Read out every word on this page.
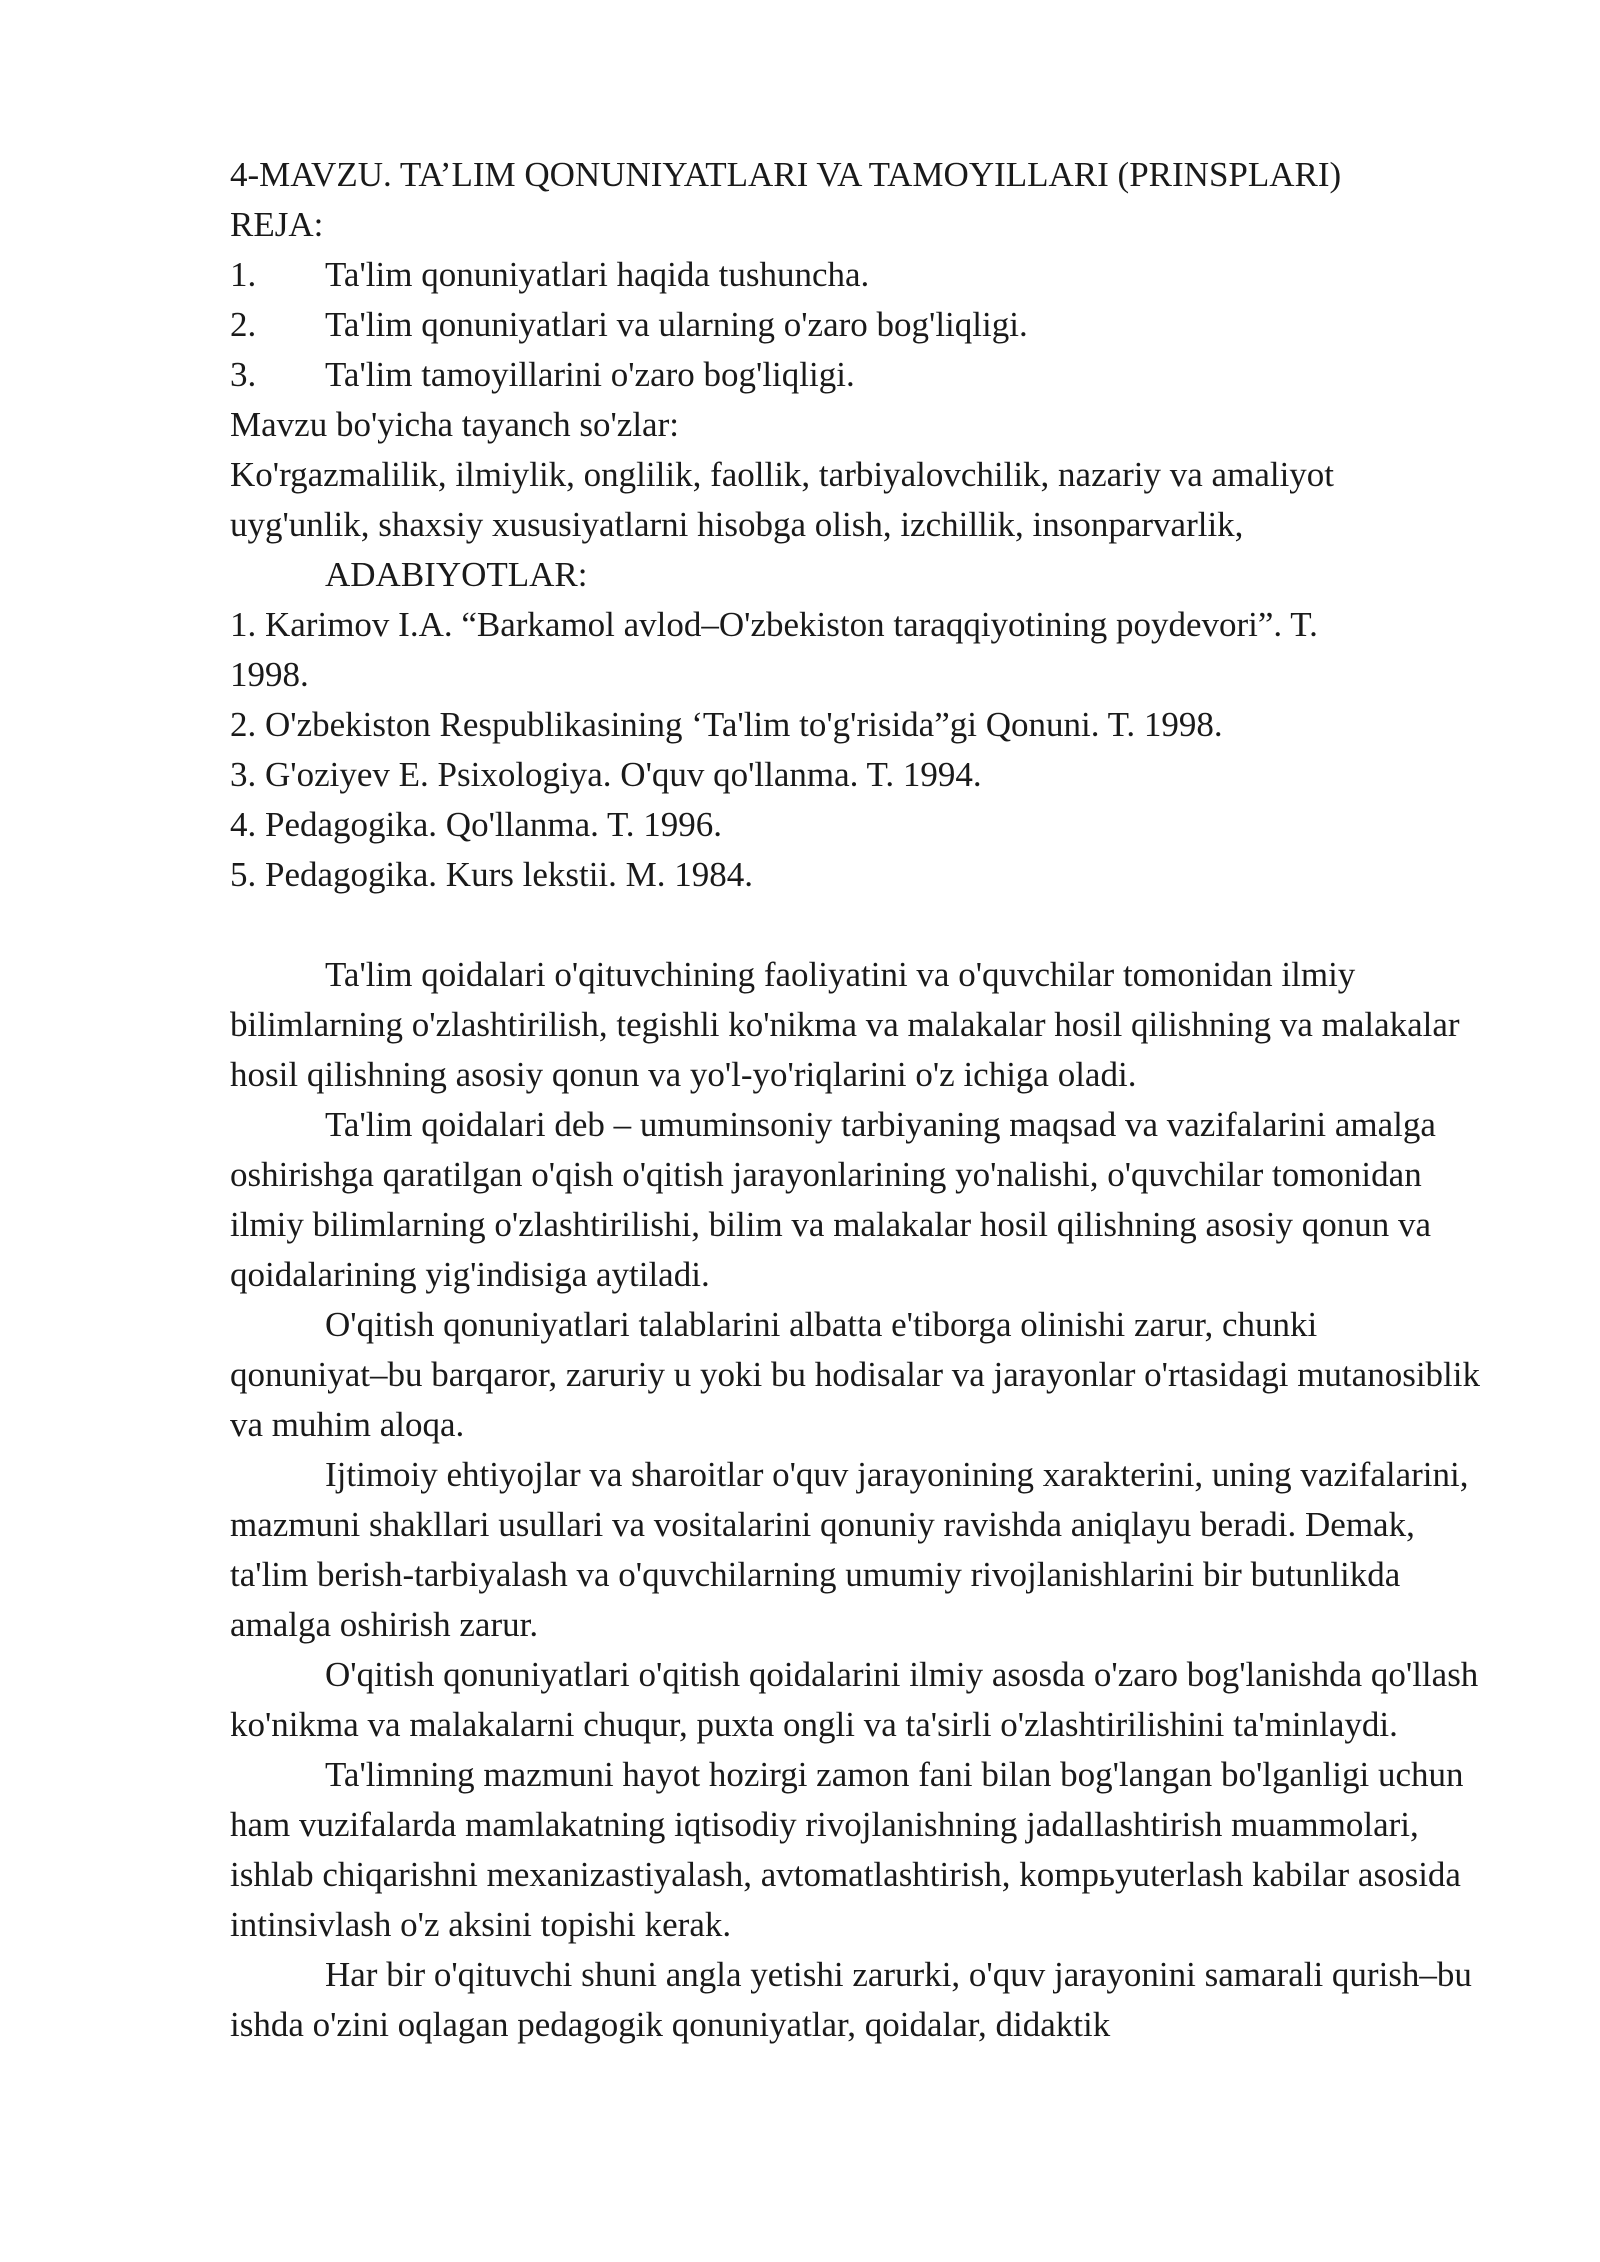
4-MAVZU. TA’LIM QONUNIYATLARI VA TAMOYILLARI (PRINSPLARI)
REJA:
1. Ta'lim qonuniyatlari haqida tushuncha.
2. Ta'lim qonuniyatlari va ularning o'zaro bog'liqligi.
3. Ta'lim tamoyillarini o'zaro bog'liqligi.
Mavzu bo'yicha tayanch so'zlar:
Ko'rgazmalilik, ilmiylik, onglilik, faollik, tarbiyalovchilik, nazariy va amaliyot
uyg'unlik, shaxsiy xususiyatlarni hisobga olish, izchillik, insonparvarlik,
ADABIYOTLAR:
1. Karimov I.A. “Barkamol avlod–O'zbekiston taraqqiyotining poydevori”. T.
1998.
2. O'zbekiston Respublikasining ‘Ta'lim to'g'risida”gi Qonuni. T. 1998.
3. G'oziyev E. Psixologiya. O'quv qo'llanma. T. 1994.
4. Pedagogika. Qo'llanma. T. 1996.
5. Pedagogika. Kurs lekstii. M. 1984.

Ta'lim qoidalari o'qituvchining faoliyatini va o'quvchilar tomonidan ilmiy bilimlarning o'zlashtirilish, tegishli ko'nikma va malakalar hosil qilishning va malakalar hosil qilishning asosiy qonun va yo'l-yo'riqlarini o'z ichiga oladi.

Ta'lim qoidalari deb – umuminsoniy tarbiyaning maqsad va vazifalarini amalga oshirishga qaratilgan o'qish o'qitish jarayonlarining yo'nalishi, o'quvchilar tomonidan ilmiy bilimlarning o'zlashtirilishi, bilim va malakalar hosil qilishning asosiy qonun va qoidalarining yig'indisiga aytiladi.

O'qitish qonuniyatlari talablarini albatta e'tiborga olinishi zarur, chunki qonuniyat–bu barqaror, zaruriy u yoki bu hodisalar va jarayonlar o'rtasidagi mutanosiblik va muhim aloqa.

Ijtimoiy ehtiyojlar va sharoitlar o'quv jarayonining xarakterini, uning vazifalarini, mazmuni shakllari usullari va vositalarini qonuniy ravishda aniqlayu beradi. Demak, ta'lim berish-tarbiyalash va o'quvchilarning umumiy rivojlanishlarini bir butunlikda amalga oshirish zarur.

O'qitish qonuniyatlari o'qitish qoidalarini ilmiy asosda o'zaro bog'lanishda qo'llash ko'nikma va malakalarni chuqur, puxta ongli va ta'sirli o'zlashtirilishini ta'minlaydi.

Ta'limning mazmuni hayot hozirgi zamon fani bilan bog'langan bo'lganligi uchun ham vuzifalarda mamlakatning iqtisodiy rivojlanishning jadallashtirish muammolari, ishlab chiqarishni mexanizastiyalash, avtomatlashtirish, kompьyuterlash kabilar asosida intinsivlash o'z aksini topishi kerak.

Har bir o'qituvchi shuni angla yetishi zarurki, o'quv jarayonini samarali qurish–bu ishda o'zini oqlagan pedagogik qonuniyatlar, qoidalar, didaktik
